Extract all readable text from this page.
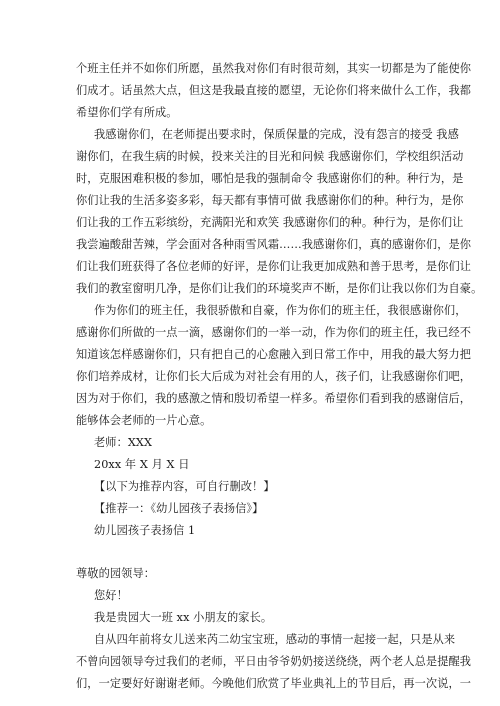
个班主任并不如你们所愿，虽然我对你们有时很苛刻，其实一切都是为了能使你
们成才。话虽然大点，但这是我最直接的愿望，无论你们将来做什么工作，我都
希望你们学有所成。
我感谢你们，在老师提出要求时，保质保量的完成，没有怨言的接受 我感
谢你们，在我生病的时候，投来关注的目光和问候 我感谢你们，学校组织活动
时，克服困难积极的参加，哪怕是我的强制命令 我感谢你们的种。种行为，是
你们让我的生活多姿多彩，每天都有事情可做 我感谢你们的种。种行为，是你
们让我的工作五彩缤纷，充满阳光和欢笑 我感谢你们的种。种行为，是你们让
我尝遍酸甜苦辣，学会面对各种雨雪风霜……我感谢你们，真的感谢你们，是你
们让我们班获得了各位老师的好评，是你们让我更加成熟和善于思考，是你们让
我们的教室窗明几净，是你们让我们的环境奖声不断，是你们让我以你们为自豪。
作为你们的班主任，我很骄傲和自豪，作为你们的班主任，我很感谢你们，
感谢你们所做的一点一滴，感谢你们的一举一动，作为你们的班主任，我已经不
知道该怎样感谢你们，只有把自己的心愈融入到日常工作中，用我的最大努力把
你们培养成材，让你们长大后成为对社会有用的人，孩子们，让我感谢你们吧，
因为对于你们，我的感激之情和殷切希望一样多。希望你们看到我的感谢信后，
能够体会老师的一片心意。
老师：XXX
20xx 年 X 月 X 日
【以下为推荐内容，可自行删改！】
【推荐一：《幼儿园孩子表扬信》】
幼儿园孩子表扬信 1
尊敬的园领导：
您好！
我是贵园大一班 xx 小朋友的家长。
自从四年前将女儿送来芮二幼宝宝班，感动的事情一起接一起，只是从来
不曾向园领导夸过我们的老师，平日由爷爷奶奶接送绕绕，两个老人总是提醒我
们，一定要好好谢谢老师。今晚他们欣赏了毕业典礼上的节目后，再一次说，一
